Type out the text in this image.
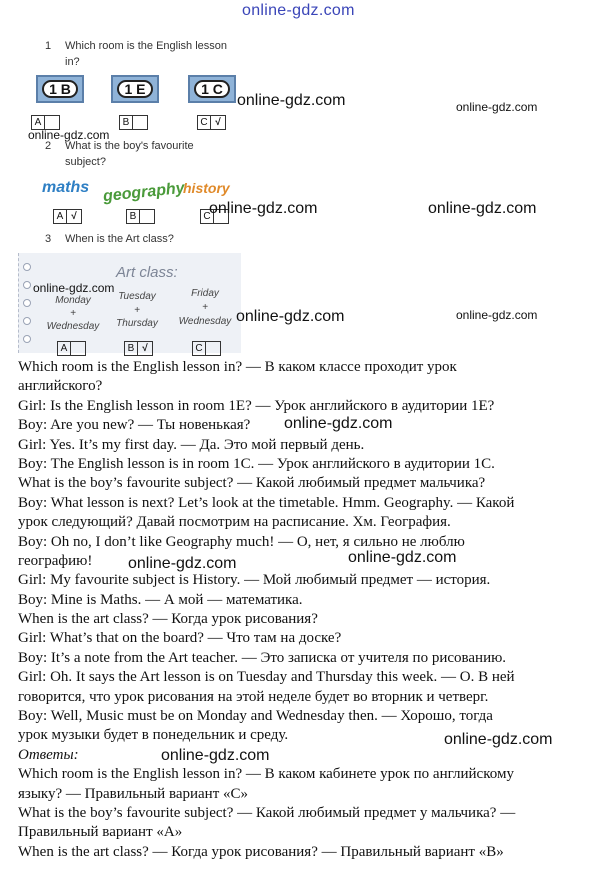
online-gdz.com
1 Which room is the English lesson
in?
1 B	1 E	1 C
A	B	C √
2 What is the boy's favourite
subject?
maths geography
history
A √	B	C
3 When is the Art class?
Art class:
Monday
+
Wednesday
Tuesday
+
Thursday
Friday
+
Wednesday
A	B √	C
Which room is the English lesson in? — В каком классе проходит урок
английского?
Girl: Is the English lesson in room 1E? — Урок английского в аудитории 1E?
Boy: Are you new? — Ты новенькая?
Girl: Yes. It’s my first day. — Да. Это мой первый день.
Boy: The English lesson is in room 1C. — Урок английского в аудитории 1C.
What is the boy’s favourite subject? — Какой любимый предмет мальчика?
Boy: What lesson is next? Let’s look at the timetable. Hmm. Geography. — Какой
урок следующий? Давай посмотрим на расписание. Хм. География.
Boy: Oh no, I don’t like Geography much! — О, нет, я сильно не люблю
географию!
Girl: My favourite subject is History. — Мой любимый предмет — история.
Boy: Mine is Maths. — А мой — математика.
When is the art class? — Когда урок рисования?
Girl: What’s that on the board? — Что там на доске?
Boy: It’s a note from the Art teacher. — Это записка от учителя по рисованию.
Girl: Oh. It says the Art lesson is on Tuesday and Thursday this week. — О. В ней
говорится, что урок рисования на этой неделе будет во вторник и четверг.
Boy: Well, Music must be on Monday and Wednesday then. — Хорошо, тогда
урок музыки будет в понедельник и среду.
Ответы:
Which room is the English lesson in? — В каком кабинете урок по английскому
языку? — Правильный вариант «C»
What is the boy’s favourite subject? — Какой любимый предмет у мальчика? —
Правильный вариант «A»
When is the art class? — Когда урок рисования? — Правильный вариант «B»
online-gdz.com	online-gdz.com
online-gdz.com
online-gdz.com	online-gdz.com
online-gdz.com
online-gdz.com	online-gdz.com
online-gdz.com
online-gdz.com
online-gdz.com
online-gdz.com
online-gdz.com
